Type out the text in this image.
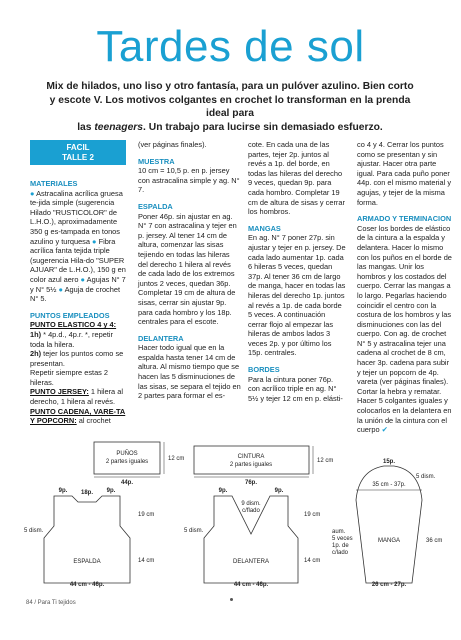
Tardes de sol
Mix de hilados, uno liso y otro fantasía, para un pulóver azulino. Bien corto
y escote V. Los motivos colgantes en crochet lo transforman en la prenda ideal para
las teenagers. Un trabajo para lucirse sin demasiado esfuerzo.
FACIL
TALLE 2
MATERIALES

● Astracalina acrílica gruesa te-jida simple (sugerencia Hilado "RUSTICOLOR" de L.H.O.), aproximadamente 350 g es-tampada en tonos azulino y turquesa ● Fibra acrílica fanta tejida triple (sugerencia Hila-do "SUPER AJUAR" de L.H.O.), 150 g en color azul aero ● Agujas N° 7 y N° 5½ ● Aguja de crochet N° 5.

PUNTOS EMPLEADOS

PUNTO ELASTICO 4 y 4:
1h) * 4p.d., 4p.r. *, repetir toda la hilera.
2h) tejer los puntos como se presentan.
Repetir siempre estas 2 hileras.

PUNTO JERSEY: 1 hilera al derecho, 1 hilera al revés.

PUNTO CADENA, VARE-TA Y POPCORN: al crochet

(ver páginas finales).

MUESTRA

10 cm = 10,5 p. en p. jersey con astracalina simple y ag. N° 7.

ESPALDA

Poner 46p. sin ajustar en ag. N° 7 con astracalina y tejer en p. jersey. Al tener 14 cm de altura, comenzar las sisas tejiendo en todas las hileras del derecho 1 hilera al revés de cada lado de los extremos juntos 2 veces, quedan 36p. Completar 19 cm de altura de sisas, cerrar sin ajustar 9p. para cada hombro y los 18p. centrales para el escote.

DELANTERA

Hacer todo igual que en la espalda hasta tener 14 cm de altura. Al mismo tiempo que se hacen las 5 disminuciones de las sisas, se separa el tejido en 2 partes para formar el es-

cote. En cada una de las partes, tejer 2p. juntos al revés a 1p. del borde, en todas las hileras del derecho 9 veces, quedan 9p. para cada hombro. Completar 19 cm de altura de sisas y cerrar los hombros.

MANGAS

En ag. N° 7 poner 27p. sin ajustar y tejer en p. jersey. De cada lado aumentar 1p. cada 6 hileras 5 veces, quedan 37p. Al tener 36 cm de largo de manga, hacer en todas las hileras del derecho 1p. juntos al revés a 1p. de cada borde 5 veces. A continuación cerrar flojo al empezar las hileras de ambos lados 3 veces 2p. y por último los 15p. centrales.

BORDES

Para la cintura poner 76p. con acrílico triple en ag. N° 5½ y tejer 12 cm en p. elásti-

co 4 y 4. Cerrar los puntos como se presentan y sin ajustar. Hacer otra parte igual. Para cada puño poner 44p. con el mismo material y agujas, y tejer de la misma forma.

ARMADO Y TERMINACION

Coser los bordes de elástico de la cintura a la espalda y delantera. Hacer lo mismo con los puños en el borde de las mangas. Unir los hombros y los costados del cuerpo. Cerrar las mangas a lo largo. Pegarlas haciendo coincidir el centro con la costura de los hombros y las disminuciones con las del cuerpo. Con ag. de crochet N° 5 y astracalina tejer una cadena al crochet de 8 cm, hacer 3p. cadena para subir y tejer un popcorn de 4p. vareta (ver páginas finales). Cortar la hebra y rematar. Hacer 5 colgantes iguales y colocarlos en la delantera en la unión de la cintura con el cuerpo ✔

PUÑOS
2 partes iguales	12 cm
44p.
CINTURA
2 partes iguales
12 cm
76p.
18p.
9p.	9p.
5 dism.
19 cm
14 cm
ESPALDA
44 cm - 46p.
9p.	9p.
9 dism.
c/flado
19 cm
14 cm
5 dism.
DELANTERA
44 cm - 46p.
15p.
5 dism.
35 cm - 37p.
aum.
5 veces
1p. de
c/lado
36 cm
MANGA
26 cm - 27p.
84 / Para Ti tejidos
